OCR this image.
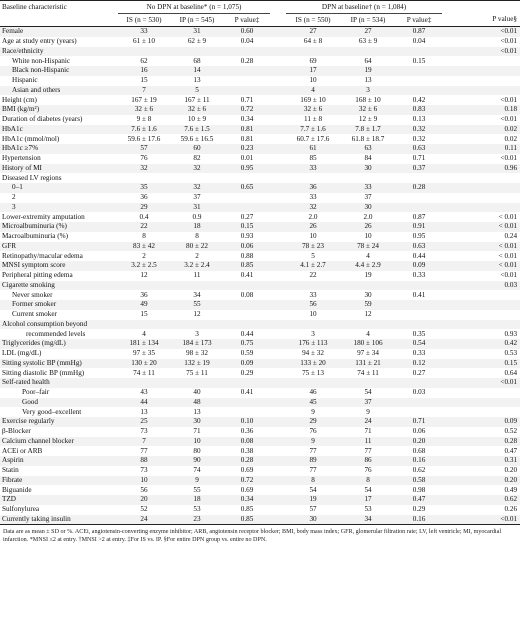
Baseline characteristic	No DPN at baseline* (n = 1,075)				DPN at baseline† (n = 1,084)			
	IS (n = 530)	IP (n = 545)	P value‡		IS (n = 550)	IP (n = 534)	P value‡	P value§
Female	33	31	0.60		27	27	0.87	<0.01
Age at study entry (years)	61 ± 10	62 ± 9	0.04		64 ± 8	63 ± 9	0.04	<0.01
Race/ethnicity								<0.01
White non-Hispanic	62	68	0.28		69	64	0.15	
Black non-Hispanic	16	14			17	19		
Hispanic	15	13			10	13		
Asian and others	7	5			4	3		
Height (cm)	167 ± 19	167 ± 11	0.71		169 ± 10	168 ± 10	0.42	<0.01
BMI (kg/m²)	32 ± 6	32 ± 6	0.72		32 ± 6	32 ± 6	0.83	0.18
Duration of diabetes (years)	9 ± 8	10 ± 9	0.34		11 ± 8	12 ± 9	0.13	<0.01
HbA1c	7.6 ± 1.6	7.6 ± 1.5	0.81		7.7 ± 1.6	7.8 ± 1.7	0.32	0.02
HbA1c (mmol/mol)	59.6 ± 17.6	59.6 ± 16.5	0.81		60.7 ± 17.6	61.8 ± 18.7	0.32	0.02
HbA1c ≥7%	57	60	0.23		61	63	0.63	0.11
Hypertension	76	82	0.01		85	84	0.71	<0.01
History of MI	32	32	0.95		33	30	0.37	0.96
Diseased LV regions								
0–1	35	32	0.65		36	33	0.28	
2	36	37			33	37		
3	29	31			32	30		
Lower-extremity amputation	0.4	0.9	0.27		2.0	2.0	0.87	< 0.01
Microalbuminuria (%)	22	18	0.15		26	26	0.91	< 0.01
Macroalbuminuria (%)	8	8	0.93		10	10	0.95	0.24
GFR	83 ± 42	80 ± 22	0.06		78 ± 23	78 ± 24	0.63	< 0.01
Retinopathy/macular edema	2	2	0.88		5	4	0.44	< 0.01
MNSI symptom score	3.2 ± 2.5	3.2 ± 2.4	0.85		4.1 ± 2.7	4.4 ± 2.9	0.09	< 0.01
Peripheral pitting edema	12	11	0.41		22	19	0.33	<0.01
Cigarette smoking								0.03
Never smoker	36	34	0.08		33	30	0.41	
Former smoker	49	55			56	59		
Current smoker	15	12			10	12		
Alcohol consumption beyond								
recommended levels	4	3	0.44		3	4	0.35	0.93
Triglycerides (mg/dL)	181 ± 134	184 ± 173	0.75		176 ± 113	180 ± 106	0.54	0.42
LDL (mg/dL)	97 ± 35	98 ± 32	0.59		94 ± 32	97 ± 34	0.33	0.53
Sitting systolic BP (mmHg)	130 ± 20	132 ± 19	0.09		133 ± 20	131 ± 21	0.12	0.15
Sitting diastolic BP (mmHg)	74 ± 11	75 ± 11	0.29		75 ± 13	74 ± 11	0.27	0.64
Self-rated health								<0.01
Poor–fair	43	40	0.41		46	54	0.03	
Good	44	48			45	37		
Very good–excellent	13	13			9	9		
Exercise regularly	25	30	0.10		29	24	0.71	0.09
β-Blocker	73	71	0.36		76	71	0.06	0.52
Calcium channel blocker	7	10	0.08		9	11	0.20	0.28
ACEi or ARB	77	80	0.38		77	77	0.68	0.47
Aspirin	88	90	0.28		89	86	0.16	0.31
Statin	73	74	0.69		77	76	0.62	0.20
Fibrate	10	9	0.72		8	8	0.58	0.20
Biguanide	56	55	0.69		54	54	0.98	0.49
TZD	20	18	0.34		19	17	0.47	0.62
Sulfonylurea	52	53	0.85		57	53	0.29	0.26
Currently taking insulin	24	23	0.85		30	34	0.16	<0.01
Data are as mean ± SD or %. ACEi, angiotensin-converting enzyme inhibitor; ARB, angiotensin receptor blocker; BMI, body mass index; GFR, glomerular filtration rate; LV, left ventricle; MI, myocardial infarction. *MNSI ≤2 at entry. †MNSI >2 at entry. ‡For IS vs. IP. §For entire DPN group vs. entire no DPN.
